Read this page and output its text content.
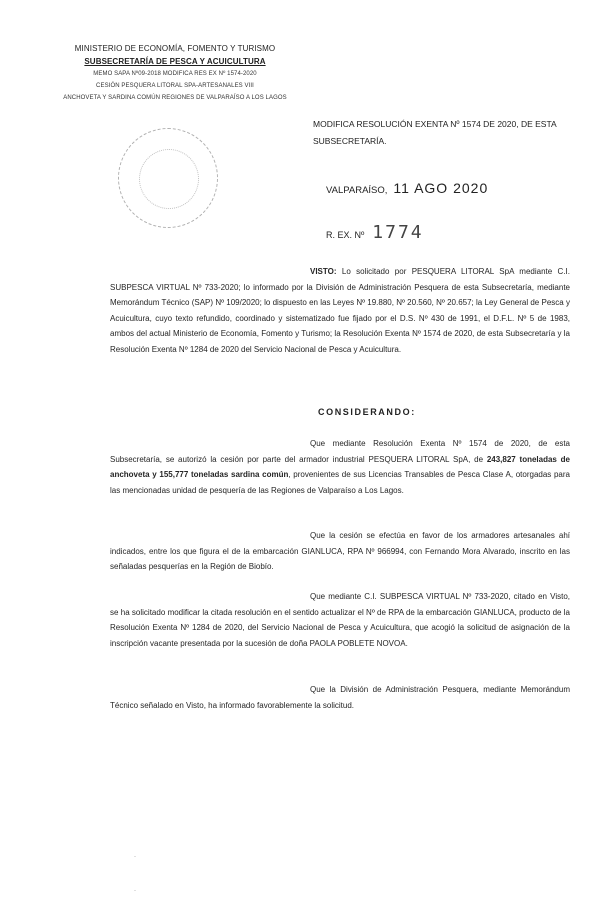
MINISTERIO DE ECONOMÍA, FOMENTO Y TURISMO
SUBSECRETARÍA DE PESCA Y ACUICULTURA
MEMO SAPA Nº09-2018 MODIFICA RES EX Nº 1574-2020
CESIÓN PESQUERA LITORAL SPA-ARTESANALES VIII
ANCHOVETA Y SARDINA COMÚN REGIONES DE VALPARAÍSO A LOS LAGOS
MODIFICA RESOLUCIÓN EXENTA Nº 1574 DE 2020, DE ESTA SUBSECRETARÍA.
VALPARAÍSO, 11 AGO 2020
R. EX. Nº 1774
VISTO: Lo solicitado por PESQUERA LITORAL SpA mediante C.I. SUBPESCA VIRTUAL Nº 733-2020; lo informado por la División de Administración Pesquera de esta Subsecretaría, mediante Memorándum Técnico (SAP) Nº 109/2020; lo dispuesto en las Leyes Nº 19.880, Nº 20.560, Nº 20.657; la Ley General de Pesca y Acuicultura, cuyo texto refundido, coordinado y sistematizado fue fijado por el D.S. Nº 430 de 1991, el D.F.L. Nº 5 de 1983, ambos del actual Ministerio de Economía, Fomento y Turismo; la Resolución Exenta Nº 1574 de 2020, de esta Subsecretaría y la Resolución Exenta Nº 1284 de 2020 del Servicio Nacional de Pesca y Acuicultura.
CONSIDERANDO:
Que mediante Resolución Exenta Nº 1574 de 2020, de esta Subsecretaría, se autorizó la cesión por parte del armador industrial PESQUERA LITORAL SpA, de 243,827 toneladas de anchoveta y 155,777 toneladas sardina común, provenientes de sus Licencias Transables de Pesca Clase A, otorgadas para las mencionadas unidad de pesquería de las Regiones de Valparaíso a Los Lagos.
Que la cesión se efectúa en favor de los armadores artesanales ahí indicados, entre los que figura el de la embarcación GIANLUCA, RPA Nº 966994, con Fernando Mora Alvarado, inscrito en las señaladas pesquerías en la Región de Biobío.
Que mediante C.I. SUBPESCA VIRTUAL Nº 733-2020, citado en Visto, se ha solicitado modificar la citada resolución en el sentido actualizar el Nº de RPA de la embarcación GIANLUCA, producto de la Resolución Exenta Nº 1284 de 2020, del Servicio Nacional de Pesca y Acuicultura, que acogió la solicitud de asignación de la inscripción vacante presentada por la sucesión de doña PAOLA POBLETE NOVOA.
Que la División de Administración Pesquera, mediante Memorándum Técnico señalado en Visto, ha informado favorablemente la solicitud.
·
·
